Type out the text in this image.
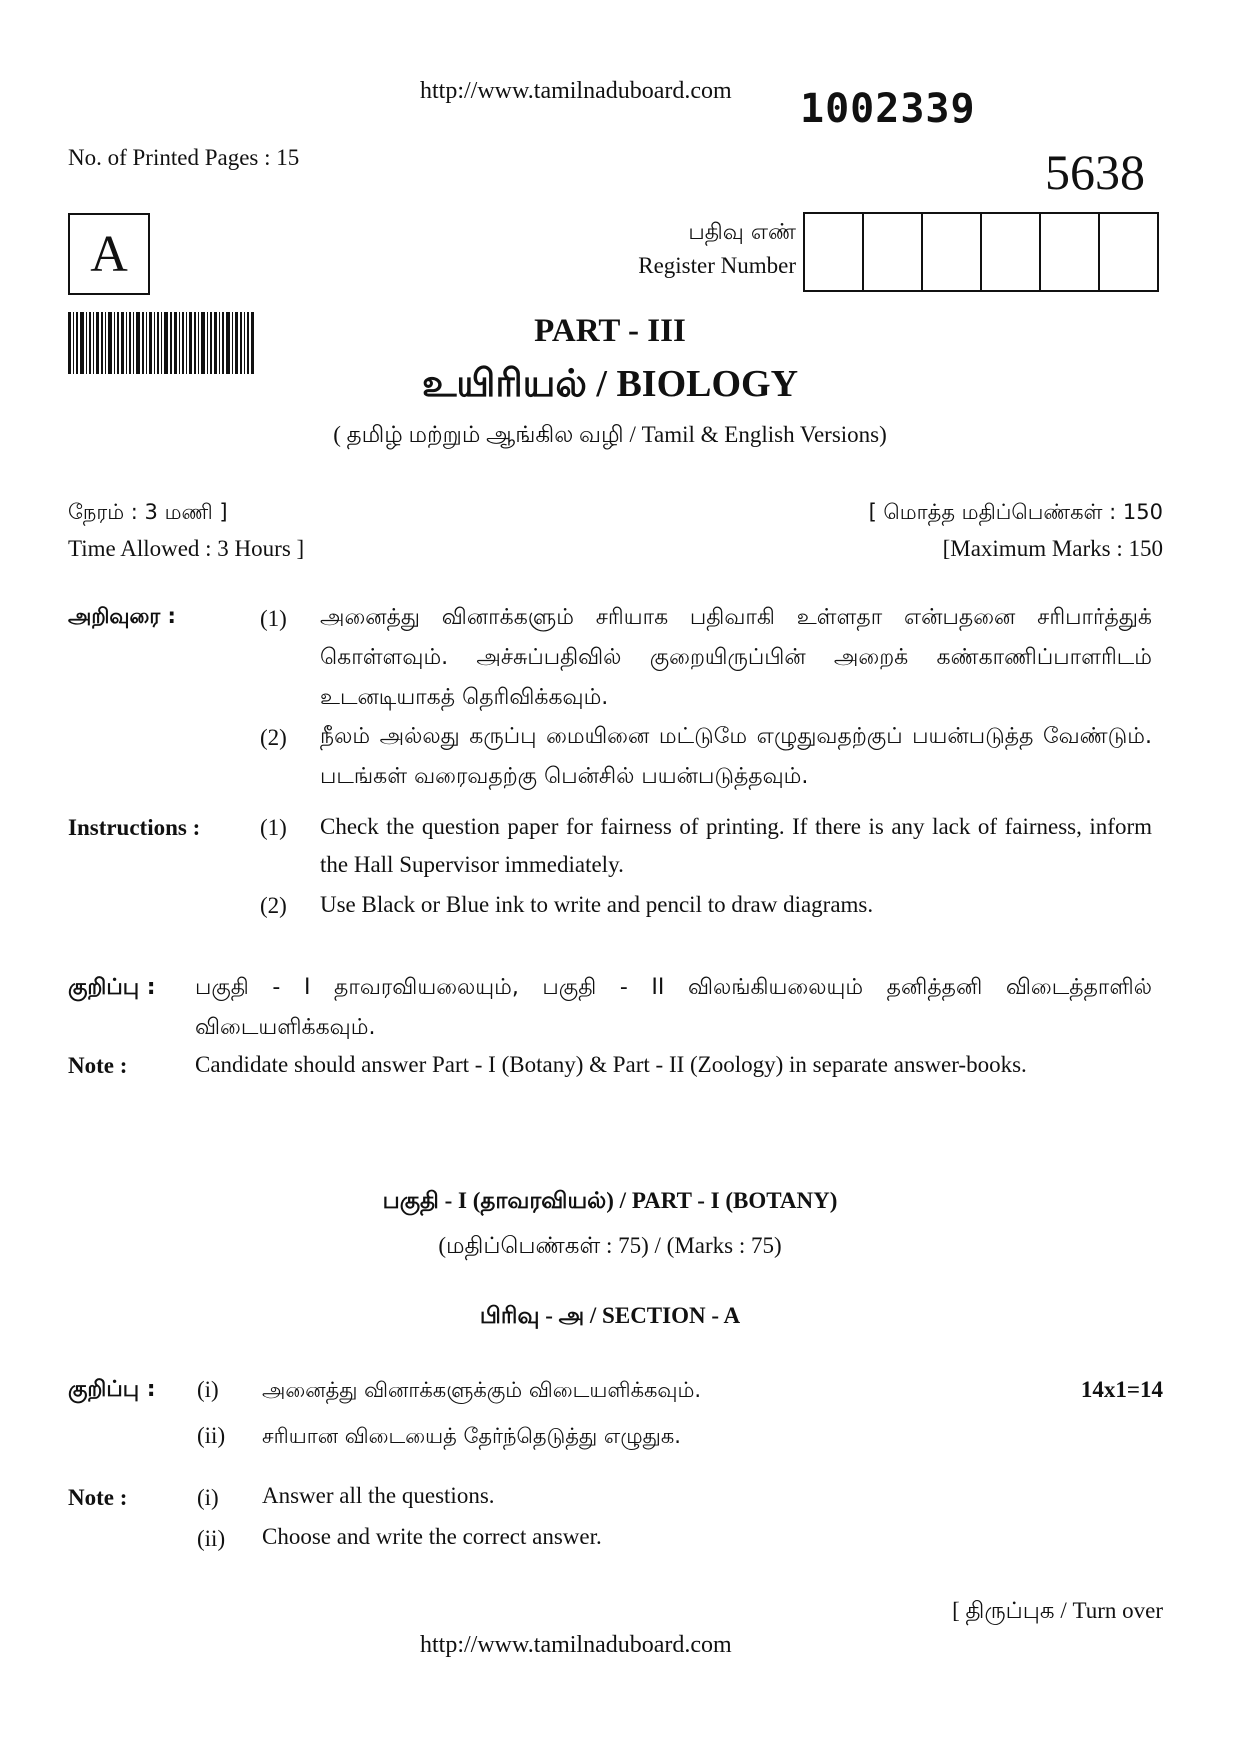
http://www.tamilnaduboard.com 1002339
No. of Printed Pages : 15	5638
A	பதிவு எண்
Register Number
PART - III
உயிரியல் / BIOLOGY
( தமிழ் மற்றும் ஆங்கில வழி / Tamil & English Versions)
நேரம் : 3 மணி ]
Time Allowed : 3 Hours ]
[ மொத்த மதிப்பெண்கள் : 150
[Maximum Marks : 150
அறிவுரை :	(1) அனைத்து வினாக்களும் சரியாக பதிவாகி உள்ளதா என்பதனை சரிபார்த்துக் கொள்ளவும். அச்சுப்பதிவில் குறையிருப்பின் அறைக் கண்காணிப்பாளரிடம் உடனடியாகத் தெரிவிக்கவும்.
(2) நீலம் அல்லது கருப்பு மையினை மட்டுமே எழுதுவதற்குப் பயன்படுத்த வேண்டும். படங்கள் வரைவதற்கு பென்சில் பயன்படுத்தவும்.
Instructions :	(1) Check the question paper for fairness of printing. If there is any lack of fairness, inform the Hall Supervisor immediately.
(2) Use Black or Blue ink to write and pencil to draw diagrams.
குறிப்பு : பகுதி - I தாவரவியலையும், பகுதி - II விலங்கியலையும் தனித்தனி விடைத்தாளில் விடையளிக்கவும்.
Note :	Candidate should answer Part - I (Botany) & Part - II (Zoology) in separate answer-books.
பகுதி - I (தாவரவியல்) / PART - I (BOTANY)
(மதிப்பெண்கள் : 75) / (Marks : 75)
பிரிவு - அ / SECTION - A
குறிப்பு : (i) அனைத்து வினாக்களுக்கும் விடையளிக்கவும்.	14x1=14
(ii) சரியான விடையைத் தேர்ந்தெடுத்து எழுதுக.
Note :	(i) Answer all the questions.
(ii) Choose and write the correct answer.
[ திருப்புக / Turn over
http://www.tamilnaduboard.com
